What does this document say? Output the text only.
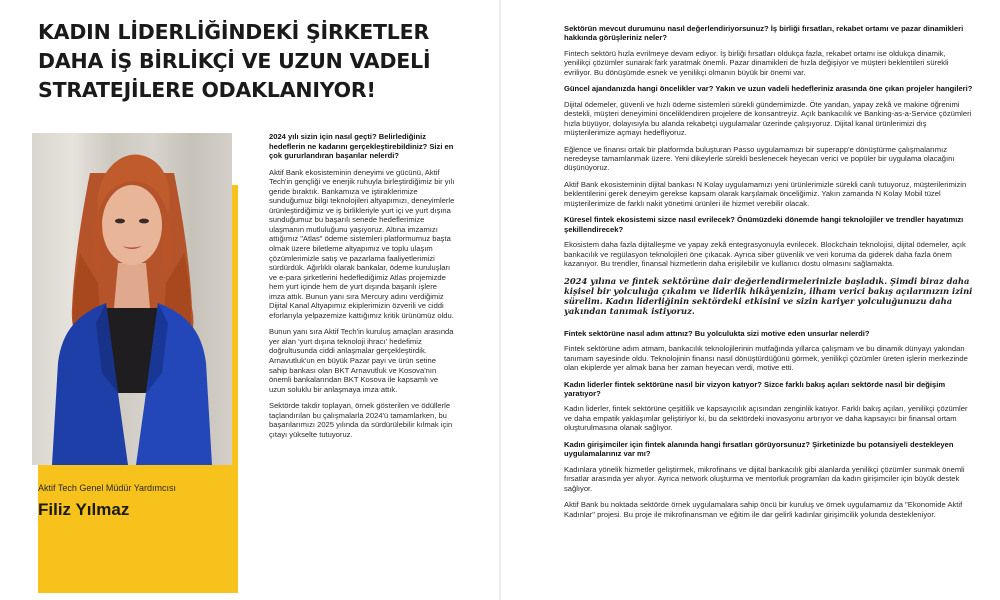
KADIN LİDERLİĞİNDEKİ ŞİRKETLER DAHA İŞ BİRLİKÇİ VE UZUN VADELİ STRATEJİLERE ODAKLANIYOR!

Aktif Tech Genel Müdür Yardımcısı

Filiz Yılmaz

2024 yılı sizin için nasıl geçti? Belirlediğiniz hedeflerin ne kadarını gerçekleştirebildiniz? Sizi en çok gururlandıran başarılar nelerdi?

Aktif Bank ekosisteminin deneyimi ve gücünü, Aktif Tech'in gençliği ve enerjik ruhuyla birleştirdiğimiz bir yılı geride bıraktık. Bankamıza ve iştiraklerimize sunduğumuz bilgi teknolojileri altyapımızı, deneyimlerle ürünleştirdiğimiz ve iş birlikleriyle yurt içi ve yurt dışına sunduğumuz bu başarılı senede hedeflerimize ulaşmanın mutluluğunu yaşıyoruz. Altına imzamızı attığımız "Atlas" ödeme sistemleri platformumuz başta olmak üzere biletleme altyapımız ve toplu ulaşım çözümlerimizle satış ve pazarlama faaliyetlerimizi sürdürdük. Ağırlıklı olarak bankalar, ödeme kuruluşları ve e-para şirketlerini hedeflediğimiz Atlas projemizde hem yurt içinde hem de yurt dışında başarılı işlere imza attık. Bunun yanı sıra Mercury adını verdiğimiz Dijital Kanal Altyapımız ekiplerimizin özverili ve ciddi eforlarıyla yelpazemize kattığımız kritik ürünümüz oldu.

Bunun yanı sıra Aktif Tech'in kuruluş amaçları arasında yer alan 'yurt dışına teknoloji ihracı' hedefimiz doğrultusunda ciddi anlaşmalar gerçekleştirdik. Arnavutluk'un en büyük Pazar payı ve ürün setine sahip bankası olan BKT Arnavutluk ve Kosova'nın önemli bankalarından BKT Kosova ile kapsamlı ve uzun soluklu bir anlaşmaya imza attık.

Sektörde takdir toplayan, örnek gösterilen ve ödüllerle taçlandırılan bu çalışmalarla 2024'ü tamamlarken, bu başarılarımızı 2025 yılında da sürdürülebilir kılmak için çıtayı yükselte tutuyoruz.

Sektörün mevcut durumunu nasıl değerlendiriyorsunuz? İş birliği fırsatları, rekabet ortamı ve pazar dinamikleri hakkında görüşleriniz neler?

Fintech sektörü hızla evrilmeye devam ediyor. İş birliği fırsatları oldukça fazla, rekabet ortamı ise oldukça dinamik, yenilikçi çözümler sunarak fark yaratmak önemli. Pazar dinamikleri de hızla değişiyor ve müşteri beklentileri sürekli evriliyor. Bu dönüşümde esnek ve yenilikçi olmanın büyük bir önemi var.

Güncel ajandanızda hangi öncelikler var? Yakın ve uzun vadeli hedefleriniz arasında öne çıkan projeler hangileri?

Dijital ödemeler, güvenli ve hızlı ödeme sistemleri sürekli gündemimizde. Öte yandan, yapay zekâ ve makine öğrenimi destekli, müşteri deneyimini önceliklendiren projelere de konsantreyiz. Açık bankacılık ve Banking-as-a-Service çözümleri hızla büyüyor, dolayısıyla bu alanda rekabetçi uygulamalar üzerinde çalışıyoruz. Dijital kanal ürünlerimizi dış müşterilerimize açmayı hedefliyoruz.

Eğlence ve finansı ortak bir platformda buluşturan Passo uygulamamızı bir superapp'e dönüştürme çalışmalarımız neredeyse tamamlanmak üzere. Yeni dikeylerle sürekli beslenecek heyecan verici ve popüler bir uygulama olacağını düşünüyoruz.

Aktif Bank ekosisteminin dijital bankası N Kolay uygulamamızı yeni ürünlerimizle sürekli canlı tutuyoruz, müşterilerimizin beklentilerini gerek deneyim gerekse kapsam olarak karşılamak önceliğimiz. Yakın zamanda N Kolay Mobil tüzel müşterilerimize de farklı nakit yönetimi ürünleri ile hizmet verebilir olacak.

Küresel fintek ekosistemi sizce nasıl evrilecek? Önümüzdeki dönemde hangi teknolojiler ve trendler hayatımızı şekillendirecek?

Ekosistem daha fazla dijitalleşme ve yapay zekâ entegrasyonuyla evrilecek. Blockchain teknolojisi, dijital ödemeler, açık bankacılık ve regülasyon teknolojileri öne çıkacak. Ayrıca siber güvenlik ve veri koruma da giderek daha fazla önem kazanıyor. Bu trendler, finansal hizmetlerin daha erişilebilir ve kullanıcı dostu olmasını sağlamakta.

2024 yılına ve fintek sektörüne dair değerlendirmelerinizle başladık. Şimdi biraz daha kişisel bir yolculuğa çıkalım ve liderlik hikâyenizin, ilham verici bakış açılarınızın izini sürelim. Kadın liderliğinin sektördeki etkisini ve sizin kariyer yolculuğunuzu daha yakından tanımak istiyoruz.

Fintek sektörüne nasıl adım attınız? Bu yolculukta sizi motive eden unsurlar nelerdi?

Fintek sektörüne adım atmam, bankacılık teknolojilerinin mutfağında yıllarca çalışmam ve bu dinamik dünyayı yakından tanımam sayesinde oldu. Teknolojinin finansı nasıl dönüştürdüğünü görmek, yenilikçi çözümler üreten işlerin merkezinde olan ekiplerde yer almak bana her zaman heyecan verdi, motive etti.

Kadın liderler fintek sektörüne nasıl bir vizyon katıyor? Sizce farklı bakış açıları sektörde nasıl bir değişim yaratıyor?

Kadın liderler, fintek sektörüne çeşitlilik ve kapsayıcılık açısından zenginlik katıyor. Farklı bakış açıları, yenilikçi çözümler ve daha empatik yaklaşımlar geliştiriyor ki, bu da sektördeki inovasyonu artırıyor ve daha kapsayıcı bir finansal ortam oluşturulmasına olanak sağlıyor.

Kadın girişimciler için fintek alanında hangi fırsatları görüyorsunuz? Şirketinizde bu potansiyeli destekleyen uygulamalarınız var mı?

Kadınlara yönelik hizmetler geliştirmek, mikrofinans ve dijital bankacılık gibi alanlarda yenilikçi çözümler sunmak önemli fırsatlar arasında yer alıyor. Ayrıca network oluşturma ve mentorluk programları da kadın girişimciler için büyük destek sağlıyor.

Aktif Bank bu noktada sektörde örnek uygulamalara sahip öncü bir kuruluş ve örnek uygulamamız da "Ekonomide Aktif Kadınlar" projesi. Bu proje ile mikrofinansman ve eğitim ile dar gelirli kadınlar girişimcilik yolunda destekleniyor.
